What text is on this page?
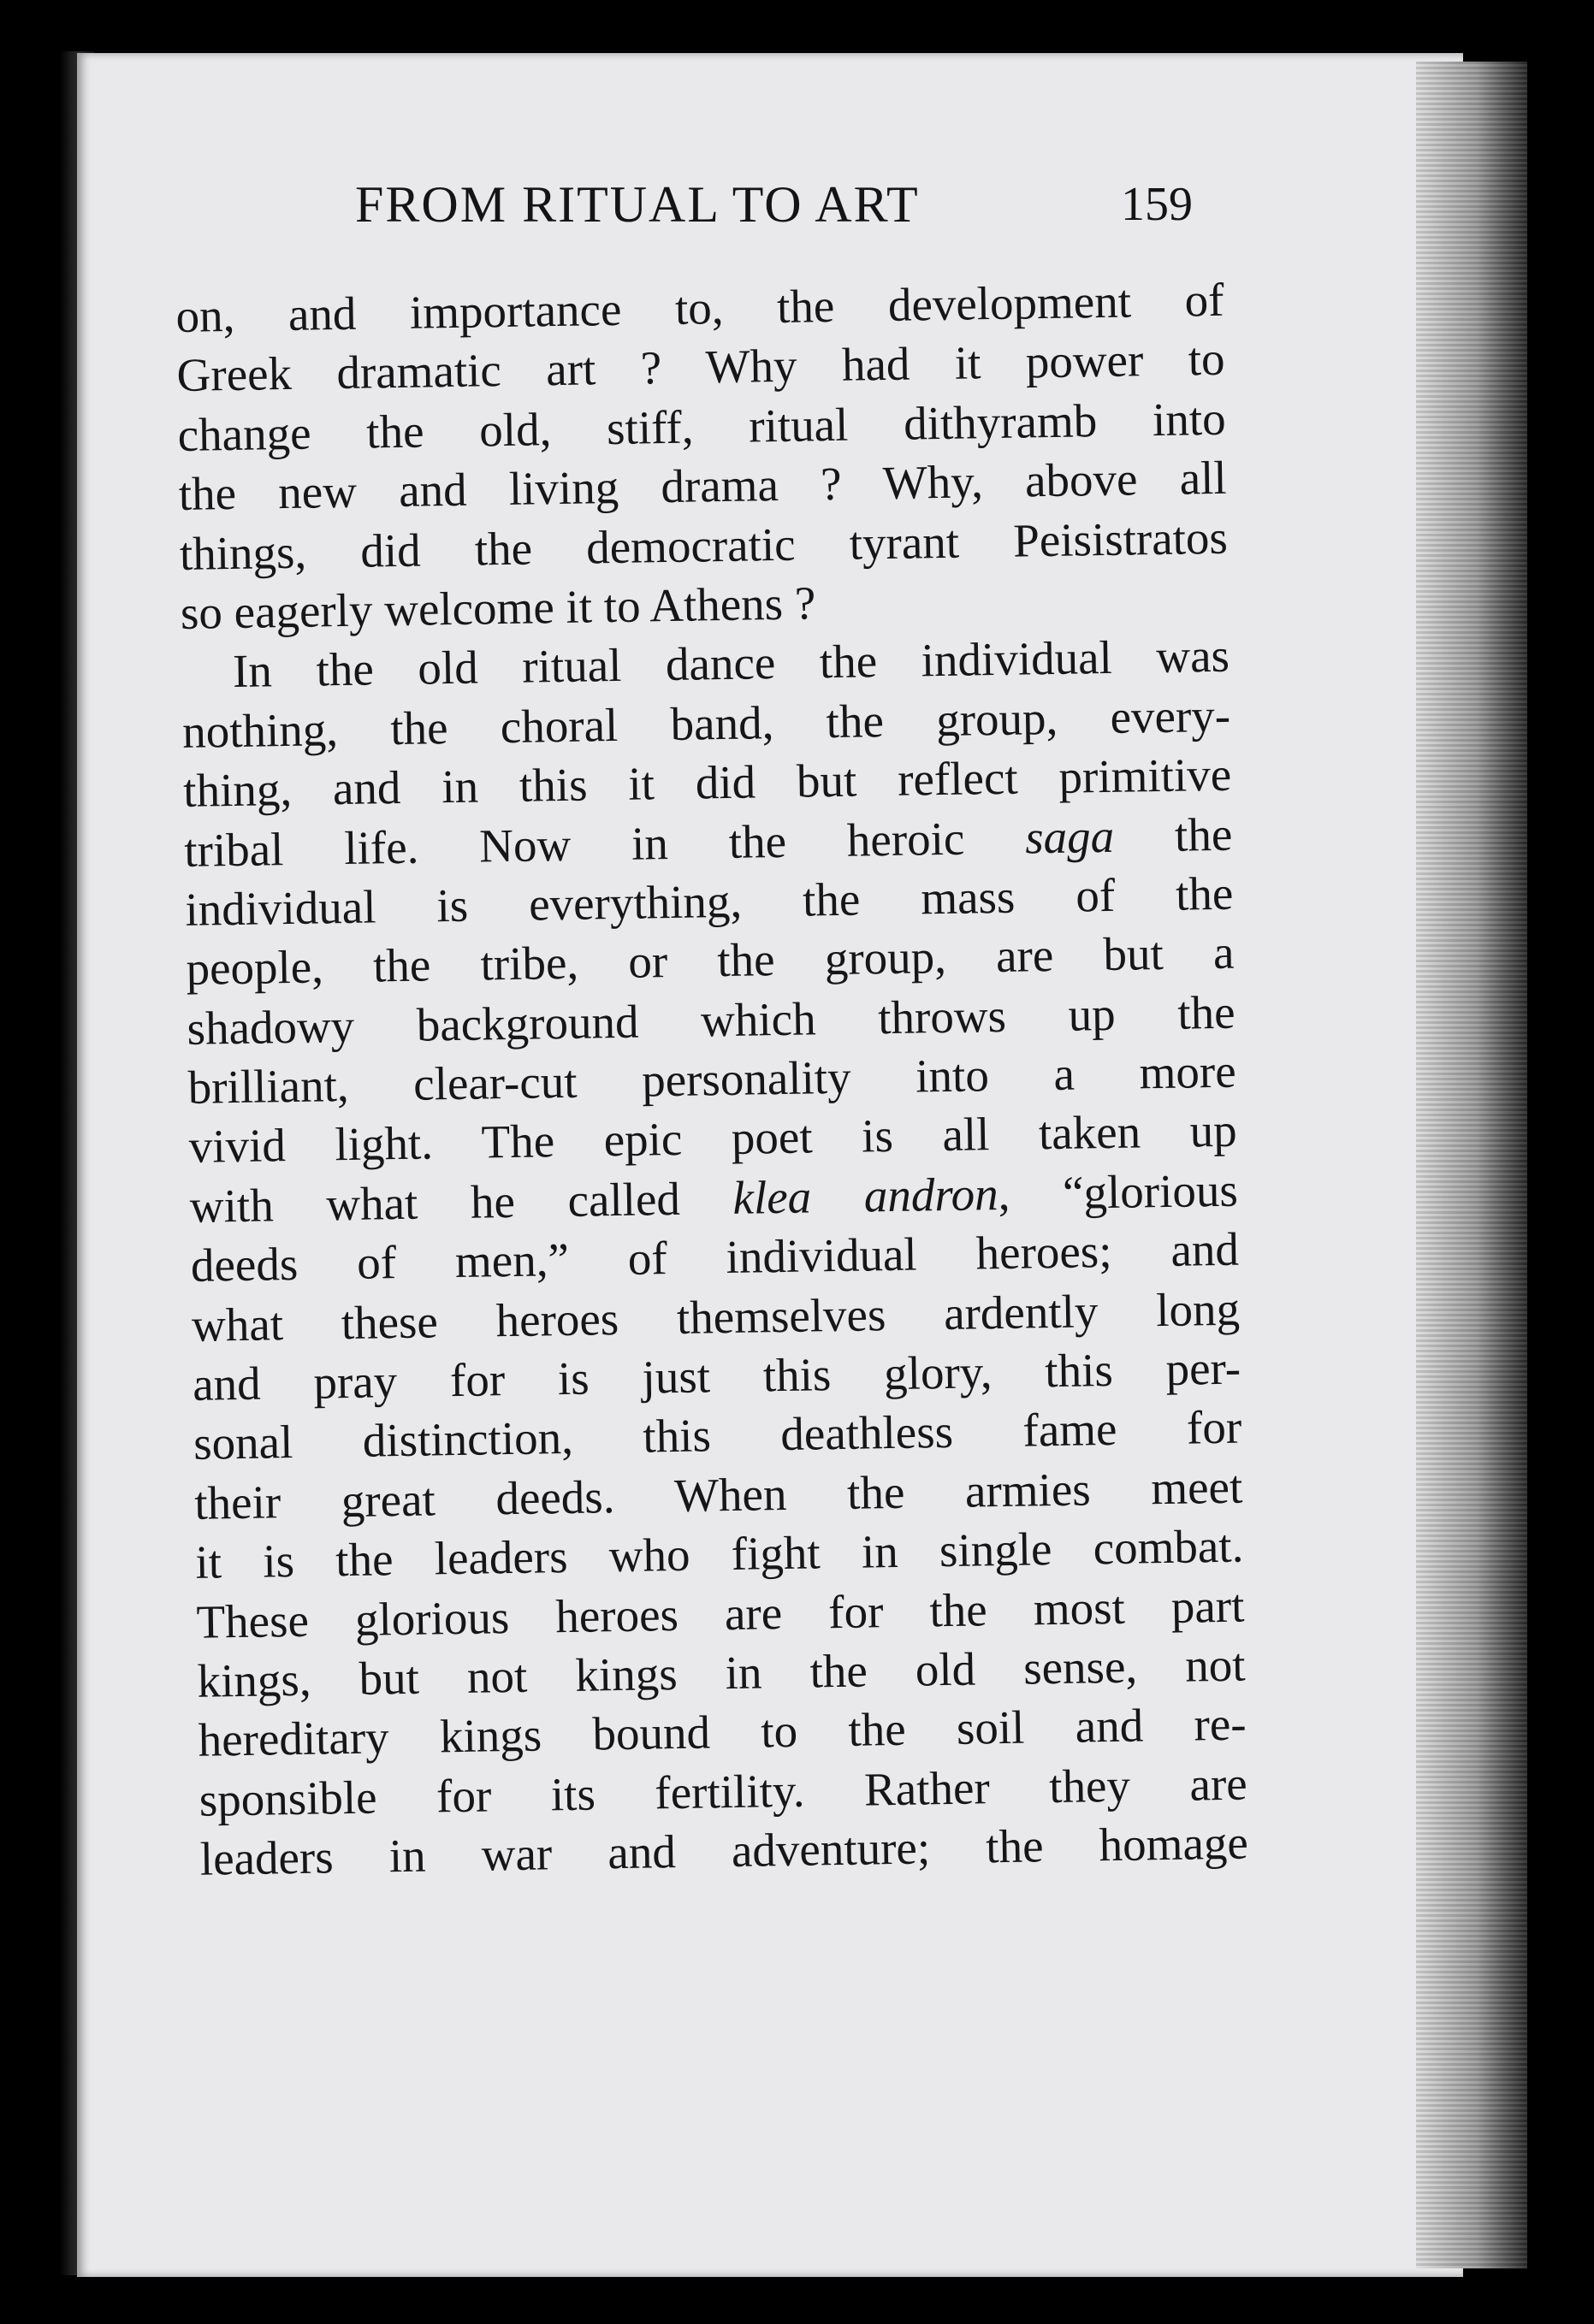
FROM RITUAL TO ART	159
on, and importance to, the development of
Greek dramatic art ? Why had it power to
change the old, stiff, ritual dithyramb into
the new and living drama ? Why, above all
things, did the democratic tyrant Peisistratos
so eagerly welcome it to Athens ?
In the old ritual dance the individual was
nothing, the choral band, the group, every-
thing, and in this it did but reflect primitive
tribal life. Now in the heroic saga the
individual is everything, the mass of the
people, the tribe, or the group, are but a
shadowy background which throws up the
brilliant, clear-cut personality into a more
vivid light. The epic poet is all taken up
with what he called klea andron, “glorious
deeds of men,” of individual heroes; and
what these heroes themselves ardently long
and pray for is just this glory, this per-
sonal distinction, this deathless fame for
their great deeds. When the armies meet
it is the leaders who fight in single combat.
These glorious heroes are for the most part
kings, but not kings in the old sense, not
hereditary kings bound to the soil and re-
sponsible for its fertility. Rather they are
leaders in war and adventure; the homage
